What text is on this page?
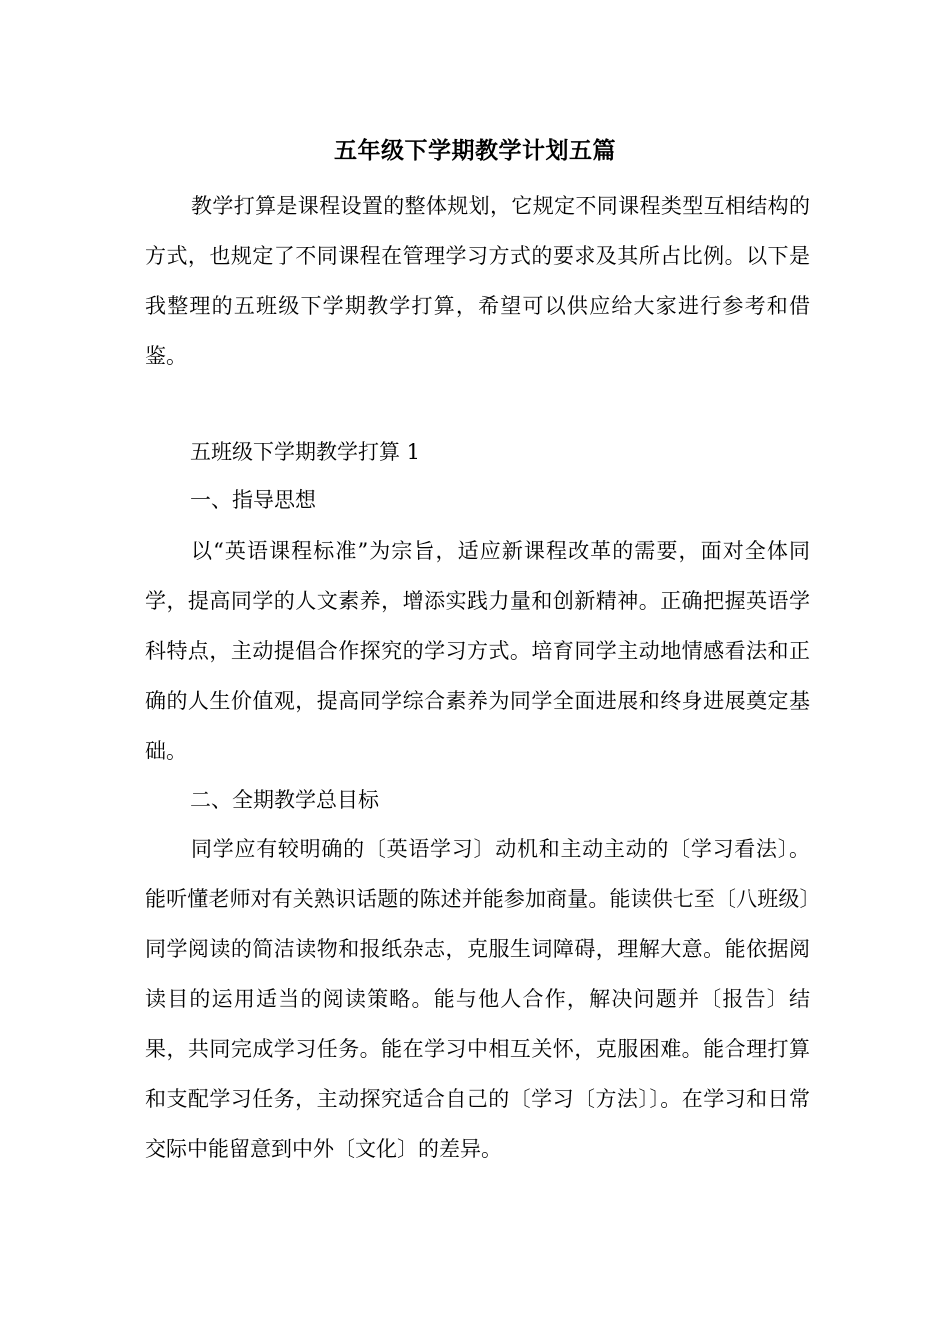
五年级下学期教学计划五篇

教学打算是课程设置的整体规划，它规定不同课程类型互相结构的方式，也规定了不同课程在管理学习方式的要求及其所占比例。以下是我整理的五班级下学期教学打算，希望可以供应给大家进行参考和借鉴。

五班级下学期教学打算 1
一、指导思想

以“英语课程标准”为宗旨，适应新课程改革的需要，面对全体同学，提高同学的人文素养，增添实践力量和创新精神。正确把握英语学科特点，主动提倡合作探究的学习方式。培育同学主动地情感看法和正确的人生价值观，提高同学综合素养为同学全面进展和终身进展奠定基础。

二、全期教学总目标

同学应有较明确的〔英语学习〕动机和主动主动的〔学习看法〕。能听懂老师对有关熟识话题的陈述并能参加商量。能读供七至〔八班级〕同学阅读的简洁读物和报纸杂志，克服生词障碍，理解大意。能依据阅读目的运用适当的阅读策略。能与他人合作，解决问题并〔报告〕结果，共同完成学习任务。能在学习中相互关怀，克服困难。能合理打算和支配学习任务，主动探究适合自己的〔学习〔方法〕〕。在学习和日常交际中能留意到中外〔文化〕的差异。
